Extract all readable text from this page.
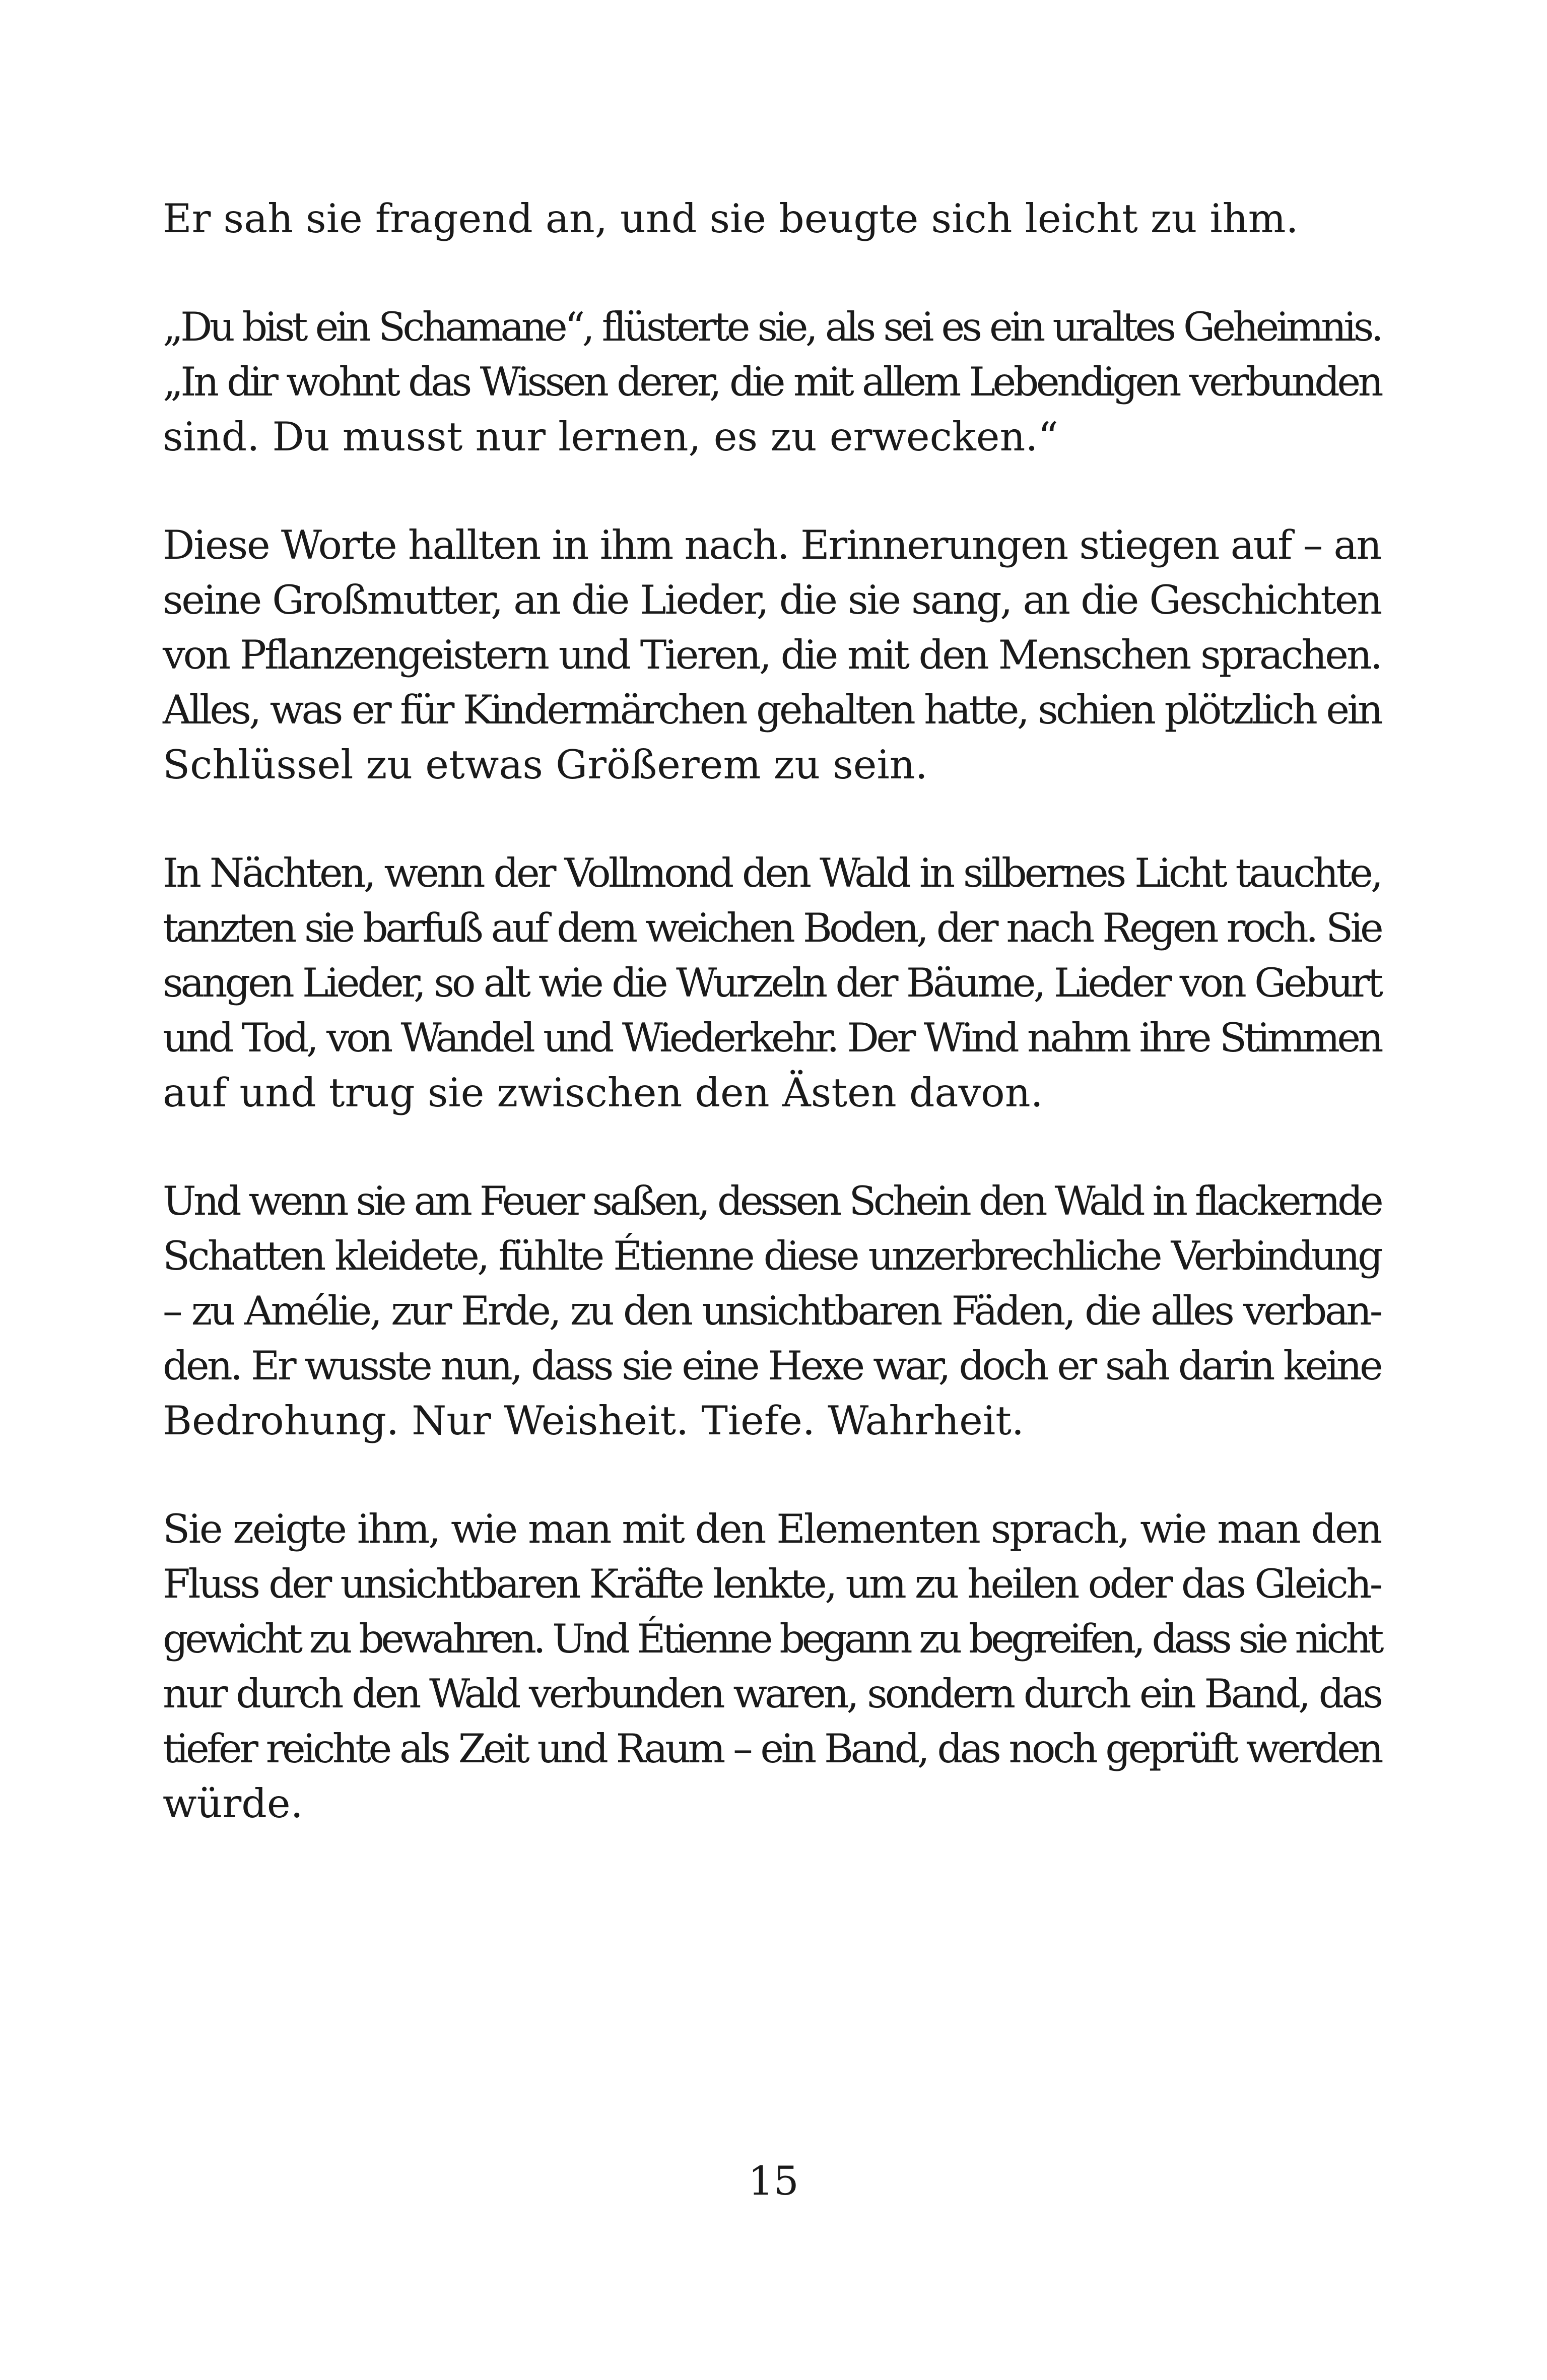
Er sah sie fragend an, und sie beugte sich leicht zu ihm.
„Du bist ein Schamane“, flüsterte sie, als sei es ein uraltes Geheimnis.
„In dir wohnt das Wissen derer, die mit allem Lebendigen verbunden
sind. Du musst nur lernen, es zu erwecken.“
Diese Worte hallten in ihm nach. Erinnerungen stiegen auf – an
seine Großmutter, an die Lieder, die sie sang, an die Geschichten
von Pflanzengeistern und Tieren, die mit den Menschen sprachen.
Alles, was er für Kindermärchen gehalten hatte, schien plötzlich ein
Schlüssel zu etwas Größerem zu sein.
In Nächten, wenn der Vollmond den Wald in silbernes Licht tauchte,
tanzten sie barfuß auf dem weichen Boden, der nach Regen roch. Sie
sangen Lieder, so alt wie die Wurzeln der Bäume, Lieder von Geburt
und Tod, von Wandel und Wiederkehr. Der Wind nahm ihre Stimmen
auf und trug sie zwischen den Ästen davon.
Und wenn sie am Feuer saßen, dessen Schein den Wald in flackernde
Schatten kleidete, fühlte Étienne diese unzerbrechliche Verbindung
– zu Amélie, zur Erde, zu den unsichtbaren Fäden, die alles verban-
den. Er wusste nun, dass sie eine Hexe war, doch er sah darin keine
Bedrohung. Nur Weisheit. Tiefe. Wahrheit.
Sie zeigte ihm, wie man mit den Elementen sprach, wie man den
Fluss der unsichtbaren Kräfte lenkte, um zu heilen oder das Gleich-
gewicht zu bewahren. Und Étienne begann zu begreifen, dass sie nicht
nur durch den Wald verbunden waren, sondern durch ein Band, das
tiefer reichte als Zeit und Raum – ein Band, das noch geprüft werden
würde.
15
